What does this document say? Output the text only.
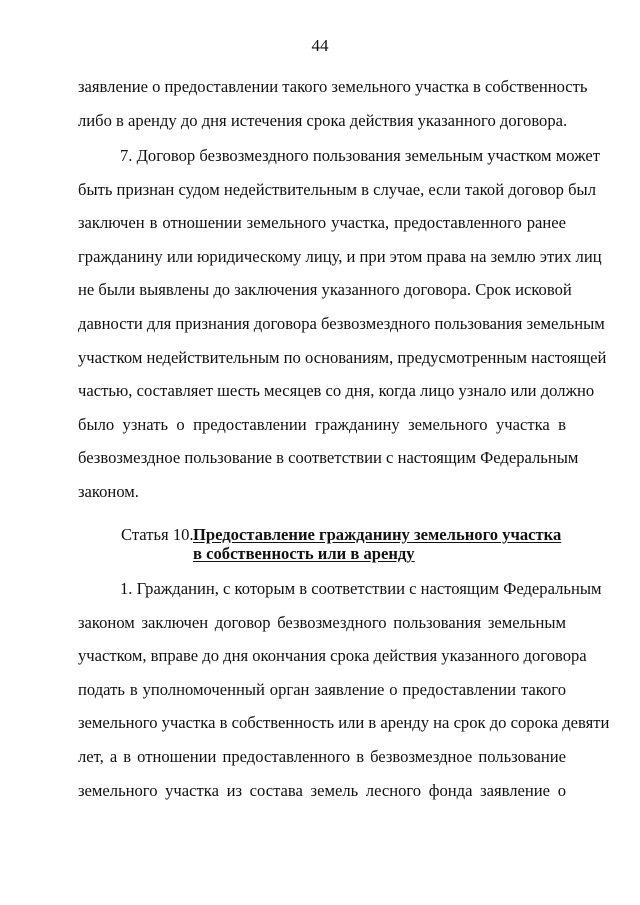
44
заявление о предоставлении такого земельного участка в собственность
либо в аренду до дня истечения срока действия указанного договора.
7. Договор безвозмездного пользования земельным участком может
быть признан судом недействительным в случае, если такой договор был
заключен в отношении земельного участка, предоставленного ранее
гражданину или юридическому лицу, и при этом права на землю этих лиц
не были выявлены до заключения указанного договора. Срок исковой
давности для признания договора безвозмездного пользования земельным
участком недействительным по основаниям, предусмотренным настоящей
частью, составляет шесть месяцев со дня, когда лицо узнало или должно
было узнать о предоставлении гражданину земельного участка в
безвозмездное пользование в соответствии с настоящим Федеральным
законом.
Статья 10. Предоставление гражданину земельного участка
в собственность или в аренду
1. Гражданин, с которым в соответствии с настоящим Федеральным
законом заключен договор безвозмездного пользования земельным
участком, вправе до дня окончания срока действия указанного договора
подать в уполномоченный орган заявление о предоставлении такого
земельного участка в собственность или в аренду на срок до сорока девяти
лет, а в отношении предоставленного в безвозмездное пользование
земельного участка из состава земель лесного фонда заявление о
